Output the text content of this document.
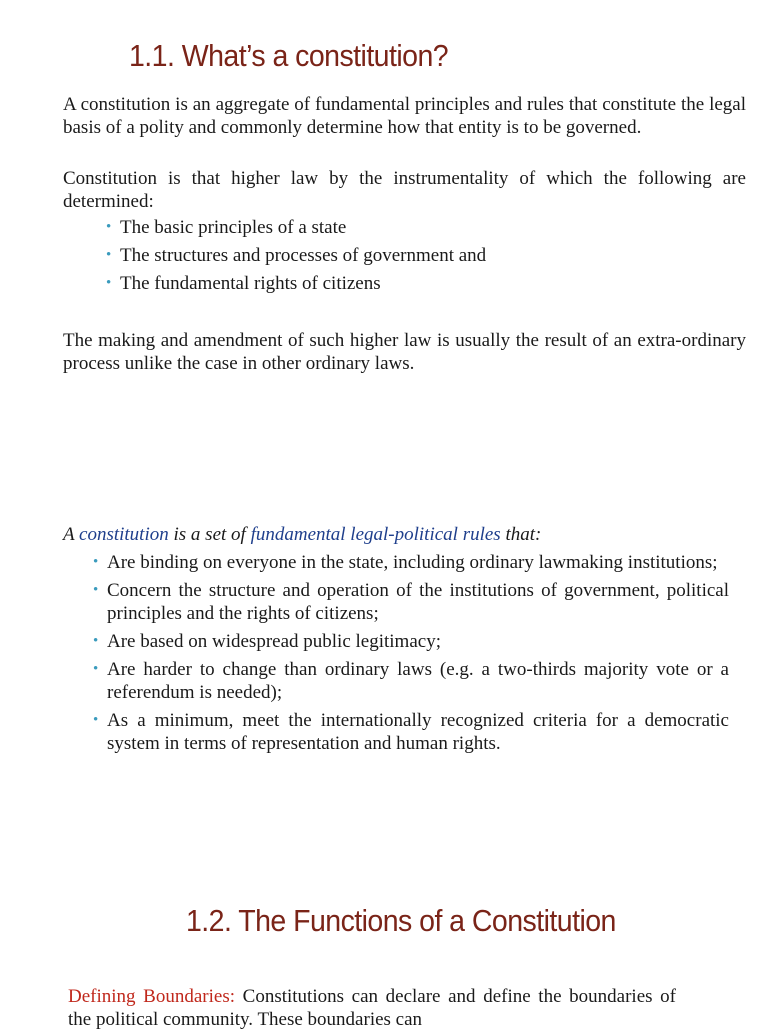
1.1. What’s a constitution?

A constitution is an aggregate of fundamental principles and rules that constitute the legal basis of a polity and commonly determine how that entity is to be governed.

Constitution is that higher law by the instrumentality of which the following are determined:

• The basic principles of a state
• The structures and processes of government and
• The fundamental rights of citizens

The making and amendment of such higher law is usually the result of an extra-ordinary process unlike the case in other ordinary laws.

A constitution is a set of fundamental legal-political rules that:

• Are binding on everyone in the state, including ordinary lawmaking institutions;
• Concern the structure and operation of the institutions of government, political principles and the rights of citizens;
• Are based on widespread public legitimacy;
• Are harder to change than ordinary laws (e.g. a two-thirds majority vote or a referendum is needed);
• As a minimum, meet the internationally recognized criteria for a democratic system in terms of representation and human rights.
1.2. The Functions of a Constitution

Defining Boundaries: Constitutions can declare and define the boundaries of the political community. These boundaries can
